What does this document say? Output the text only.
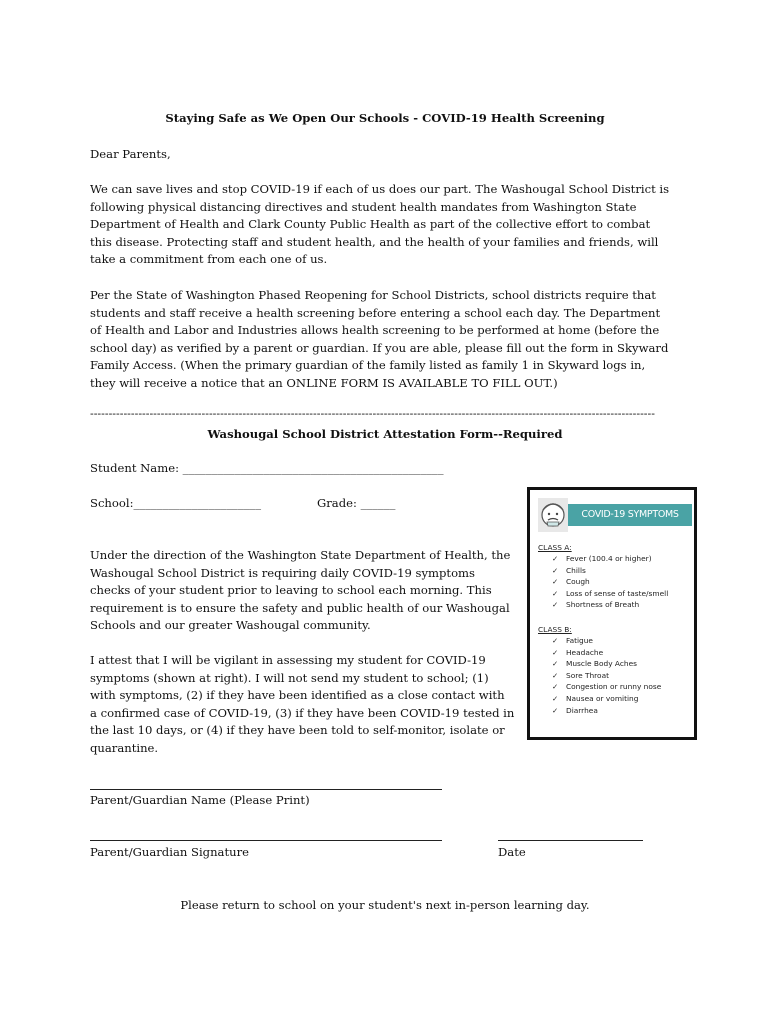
Staying Safe as We Open Our Schools - COVID-19 Health Screening

Dear Parents,

We can save lives and stop COVID-19 if each of us does our part. The Washougal School District is following physical distancing directives and student health mandates from Washington State Department of Health and Clark County Public Health as part of the collective effort to combat this disease. Protecting staff and student health, and the health of your families and friends, will take a commitment from each one of us.

Per the State of Washington Phased Reopening for School Districts, school districts require that students and staff receive a health screening before entering a school each day. The Department of Health and Labor and Industries allows health screening to be performed at home (before the school day) as verified by a parent or guardian. If you are able, please fill out the form in Skyward Family Access. (When the primary guardian of the family listed as family 1 in Skyward logs in, they will receive a notice that an ONLINE FORM IS AVAILABLE TO FILL OUT.)

--------------------------------------------------------------------------------------------------------------------------------------------------------

Washougal School District Attestation Form--Required

Student Name: _____________________________________________

School:______________________	Grade: ______

Under the direction of the Washington State Department of Health, the Washougal School District is requiring daily COVID-19 symptoms checks of your student prior to leaving to school each morning. This requirement is to ensure the safety and public health of our Washougal Schools and our greater Washougal community.

I attest that I will be vigilant in assessing my student for COVID-19 symptoms (shown at right). I will not send my student to school; (1) with symptoms, (2) if they have been identified as a close contact with a confirmed case of COVID-19, (3) if they have been COVID-19 tested in the last 10 days, or (4) if they have been told to self-monitor, isolate or quarantine.

Parent/Guardian Name (Please Print)

Parent/Guardian Signature	Date

Please return to school on your student's next in-person learning day.

COVID-19 SYMPTOMS

CLASS A:

✓ Fever (100.4 or higher)
✓ Chills
✓ Cough
✓ Loss of sense of taste/smell
✓ Shortness of Breath

CLASS B:

✓ Fatigue
✓ Headache
✓ Muscle Body Aches
✓ Sore Throat
✓ Congestion or runny nose
✓ Nausea or vomiting
✓ Diarrhea
